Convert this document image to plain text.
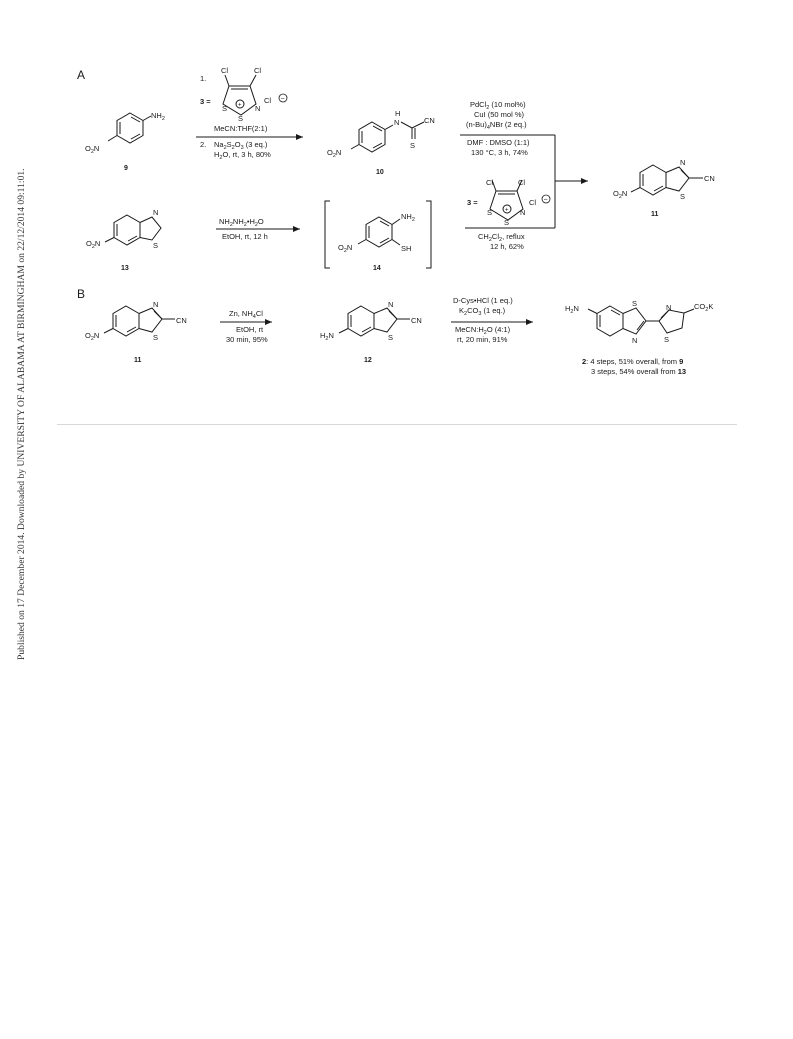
Published on 17 December 2014. Downloaded by UNIVERSITY OF ALABAMA AT BIRMINGHAM on 22/12/2014 09:11:01.
A
B
$NH_2$
$O_2N$
9
1.
Cl	Cl
3 =
S	N
S
+
Cl −
MeCN:THF(2:1)
2. $Na_2S_2O_3$ (3 eq.)
$H_2O$, rt, 3 h, 80%
H
N	CN
S
$O_2N$
10
PdCl$_2$ (10 mol%)
CuI (50 mol %)
$(n-Bu)_4NBr$ (2 eq.)
DMF : DMSO (1:1)
130 °C, 3 h, 74%
Cl	Cl
3 =
S	N
S
+
Cl −
$CH_2Cl_2$, reflux
12 h, 62%
N
S
CN
$O_2N$
11
N
S
$O_2N$
13
$NH_2NH_2•H_2O$
EtOH, rt, 12 h
$NH_2$
SH
$O_2N$
14
N
S
CN
$O_2N$
11
Zn, $NH_4Cl$
EtOH, rt
30 min, 95%
N
S
CN
$H_2N$
12
D-Cys•HCl (1 eq.)
$K_2CO_3$ (1 eq.)
$MeCN:H_2O$ (4:1)
rt, 20 min, 91%
$H_2N$
S
N
N
S
$CO_2K$
2: 4 steps, 51% overall, from 9
3 steps, 54% overall from 13
